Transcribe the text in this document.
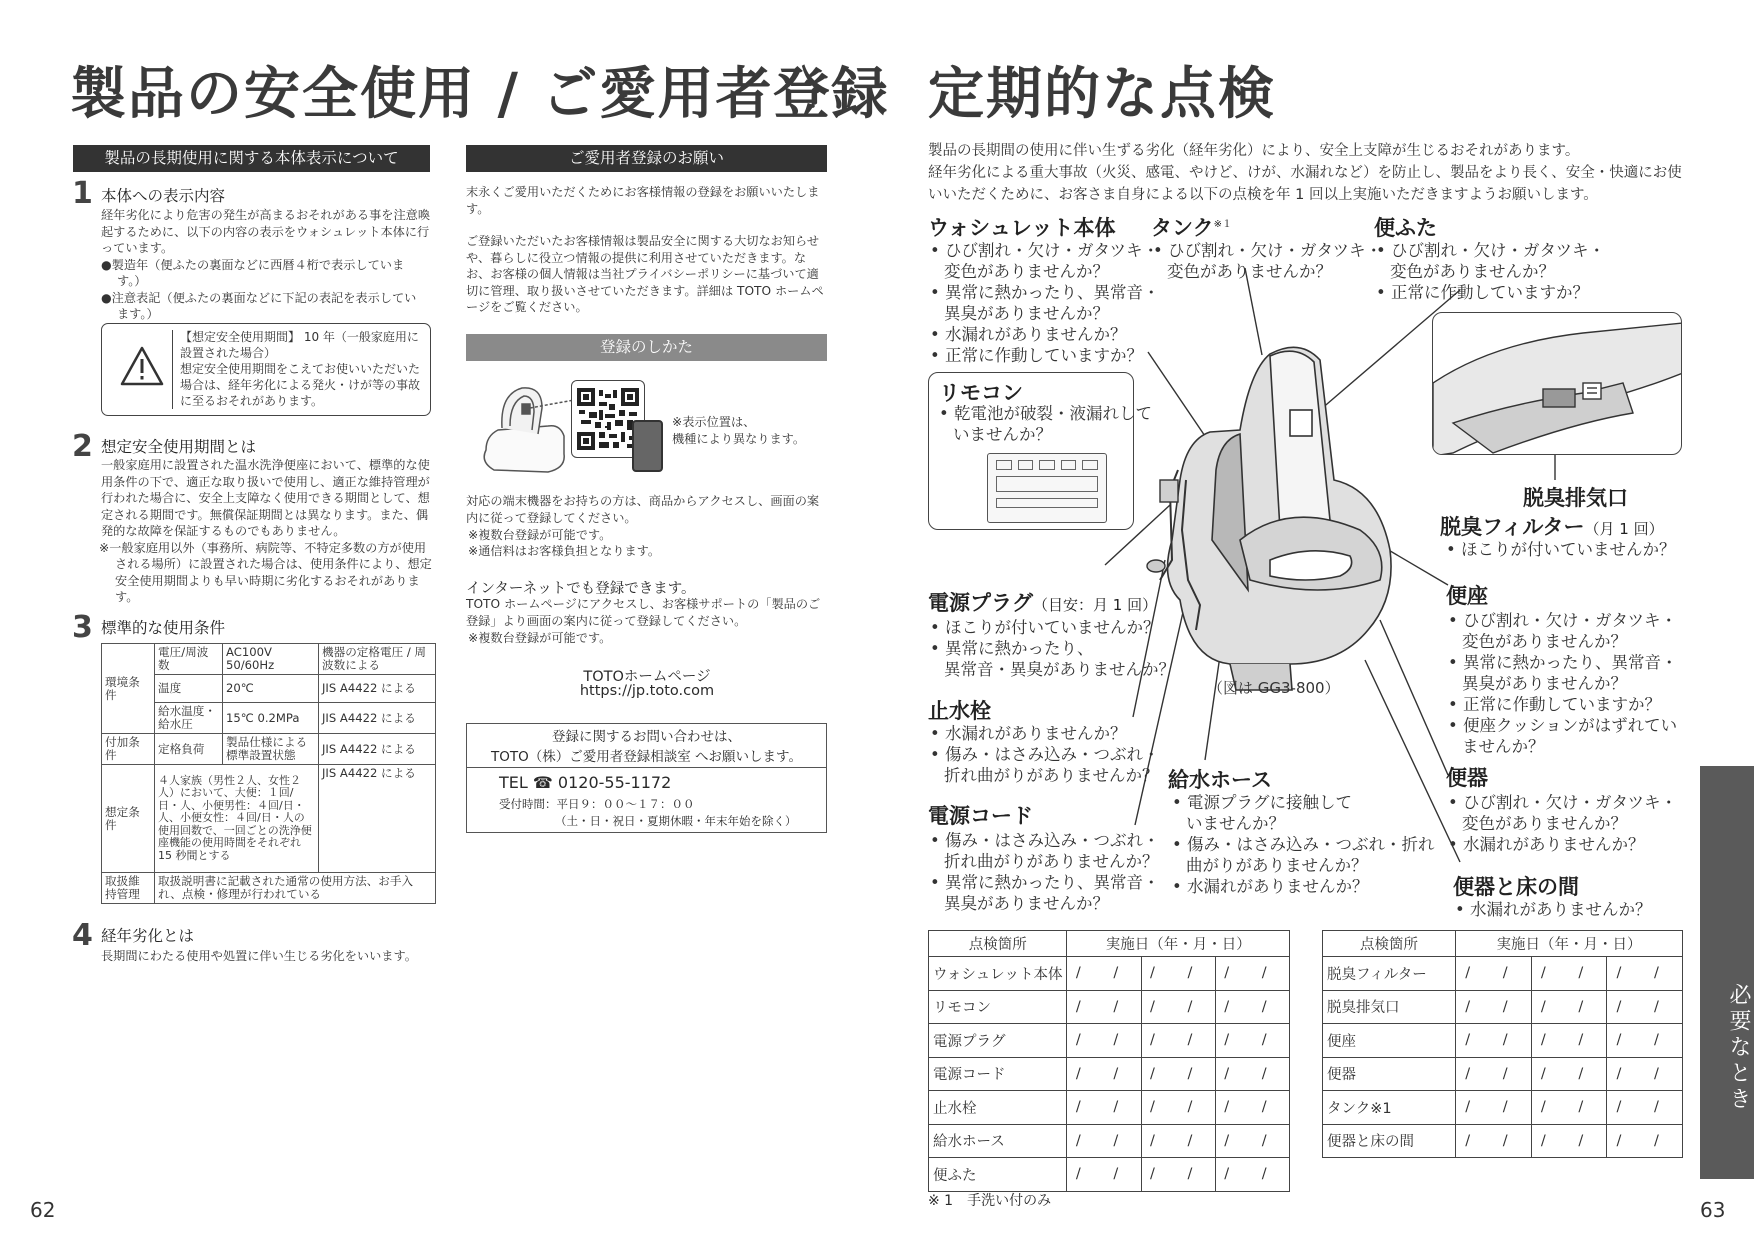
製品の安全使用 / ご愛用者登録
製品の長期使用に関する本体表示について
1 本体への表示内容
経年劣化により危害の発生が高まるおそれがある事を注意喚起するために、以下の内容の表示をウォシュレット本体に行っています。
●製造年（便ふたの裏面などに西暦４桁で表示していま　す。）
●注意表記（便ふたの裏面などに下記の表記を表示してい　ます。）
【想定安全使用期間】 10 年（一般家庭用に設置された場合）
想定安全使用期間をこえてお使いいただいた場合は、経年劣化による発火・けが等の事故に至るおそれがあります。
2 想定安全使用期間とは
一般家庭用に設置された温水洗浄便座において、標準的な使用条件の下で、適正な取り扱いで使用し、適正な維持管理が行われた場合に、安全上支障なく使用できる期間として、想定される期間です。無償保証期間とは異なります。また、偶発的な故障を保証するものでもありません。
※一般家庭用以外（事務所、病院等、不特定多数の方が使用される場所）に設置された場合は、使用条件により、想定安全使用期間よりも早い時期に劣化するおそれがあります。
3 標準的な使用条件
環境条件	電圧/周波数	AC100V 50/60Hz	機器の定格電圧 / 周波数による
	温度	20℃	JIS A4422 による
	給水温度・給水圧	15℃ 0.2MPa	JIS A4422 による
付加条件	定格負荷	製品仕様による標準設置状態	JIS A4422 による
想定条件	４人家族（男性２人、女性２人）において、大便：１回/日・人、小便男性：４回/日・人、小便女性：４回/日・人の使用回数で、一回ごとの洗浄便座機能の使用時間をそれぞれ 15 秒間とする		JIS A4422 による
取扱維持管理	取扱説明書に記載された通常の使用方法、お手入れ、点検・修理が行われている		
4 経年劣化とは
長期間にわたる使用や処置に伴い生じる劣化をいいます。
ご愛用者登録のお願い
末永くご愛用いただくためにお客様情報の登録をお願いいたします。
ご登録いただいたお客様情報は製品安全に関する大切なお知らせや、暮らしに役立つ情報の提供に利用させていただきます。なお、お客様の個人情報は当社プライバシーポリシーに基づいて適切に管理、取り扱いさせていただきます。詳細は TOTO ホームページをご覧ください。
登録のしかた
※表示位置は、
機種により異なります。
対応の端末機器をお持ちの方は、商品からアクセスし、画面の案内に従って登録してください。
※複数台登録が可能です。
※通信料はお客様負担となります。
インターネットでも登録できます。
TOTO ホームページにアクセスし、お客様サポートの「製品のご登録」より画面の案内に従って登録してください。
※複数台登録が可能です。
TOTOホームページ
https://jp.toto.com
登録に関するお問い合わせは、
TOTO（株）ご愛用者登録相談室 へお願いします。
TEL ☎ 0120-55-1172
受付時間：平日９：００～１７：００
（土・日・祝日・夏期休暇・年末年始を除く）
62
定期的な点検
製品の長期間の使用に伴い生ずる劣化（経年劣化）により、安全上支障が生じるおそれがあります。
経年劣化による重大事故（火災、感電、やけど、けが、水漏れなど）を防止し、製品をより長く、安全・快適にお使いいただくために、お客さま自身による以下の点検を年 1 回以上実施いただきますようお願いします。
リモコン
• 乾電池が破裂・液漏れして
いませんか？
ウォシュレット本体
• ひび割れ・欠け・ガタツキ・
変色がありませんか？
• 異常に熱かったり、異常音・
異臭がありませんか？
• 水漏れがありませんか？
• 正常に作動していますか？
タンク$^{※1}$
• ひび割れ・欠け・ガタツキ・
変色がありませんか？
便ふた
• ひび割れ・欠け・ガタツキ・
変色がありませんか？
• 正常に作動していますか？
脱臭排気口
脱臭フィルター（月 1 回）
• ほこりが付いていませんか？
電源プラグ（目安：月 1 回）
• ほこりが付いていませんか？
• 異常に熱かったり、
異常音・異臭がありませんか？
止水栓
• 水漏れがありませんか？
• 傷み・はさみ込み・つぶれ・
折れ曲がりがありませんか？
電源コード
• 傷み・はさみ込み・つぶれ・
折れ曲がりがありませんか？
• 異常に熱かったり、異常音・
異臭がありませんか？
（図は GG3-800）
給水ホース
• 電源プラグに接触して
いませんか？
• 傷み・はさみ込み・つぶれ・折れ
曲がりがありませんか？
• 水漏れがありませんか？
便座
• ひび割れ・欠け・ガタツキ・
変色がありませんか？
• 異常に熱かったり、異常音・
異臭がありませんか？
• 正常に作動していますか？
• 便座クッションがはずれてい
ませんか？
便器
• ひび割れ・欠け・ガタツキ・
変色がありませんか？
• 水漏れがありませんか？
便器と床の間
• 水漏れがありませんか？
点検箇所	実施日（年・月・日）		
ウォシュレット本体	/ /	/ /	/ /
リモコン	/ /	/ /	/ /
電源プラグ	/ /	/ /	/ /
電源コード	/ /	/ /	/ /
止水栓	/ /	/ /	/ /
給水ホース	/ /	/ /	/ /
便ふた	/ /	/ /	/ /
点検箇所	実施日（年・月・日）		
脱臭フィルター	/ /	/ /	/ /
脱臭排気口	/ /	/ /	/ /
便座	/ /	/ /	/ /
便器	/ /	/ /	/ /
タンク※1	/ /	/ /	/ /
便器と床の間	/ /	/ /	/ /
※ 1　手洗い付のみ
必要なとき
63
